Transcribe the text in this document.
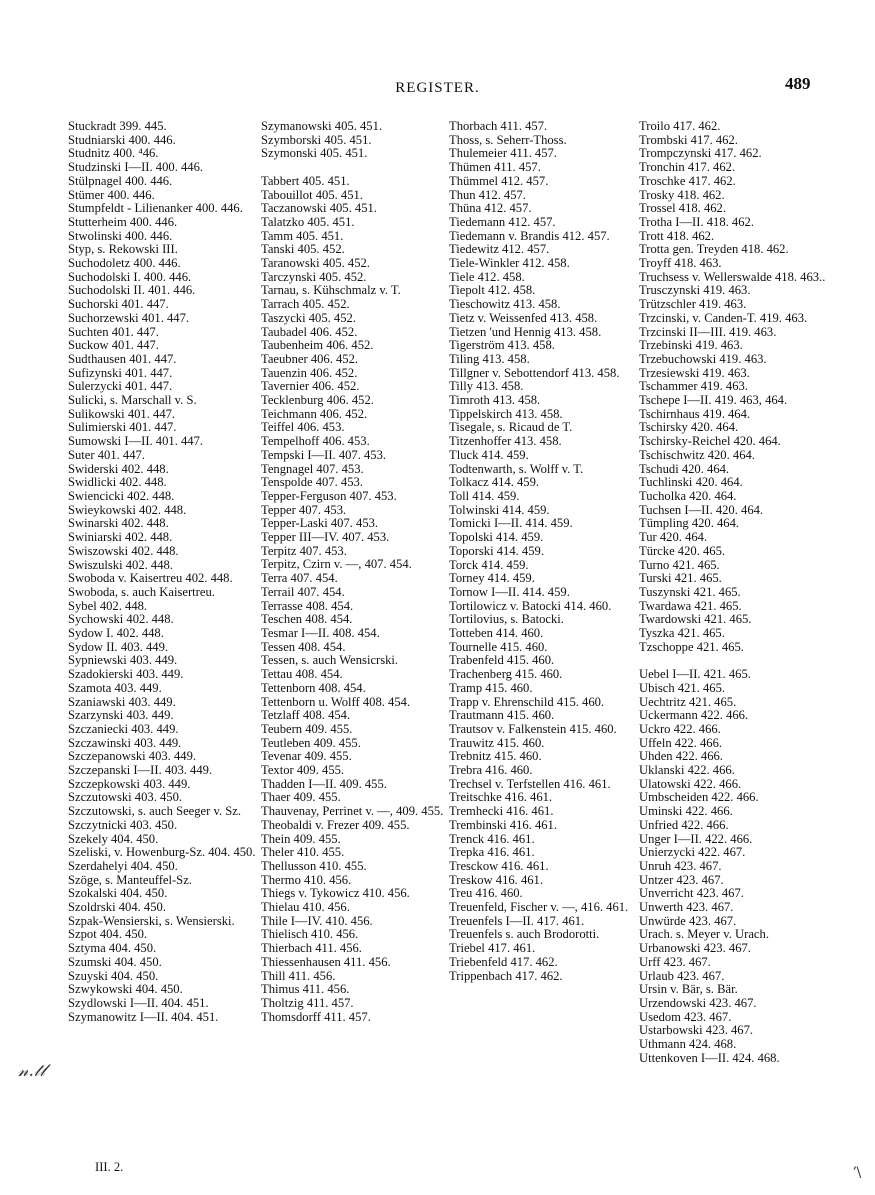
REGISTER.	489
Stuckradt 399. 445.
Studniarski 400. 446.
Studnitz 400. ⁴46.
Studzinski I—II. 400. 446.
Stülpnagel 400. 446.
Stümer 400. 446.
Stumpfeldt - Lilienanker 400. 446.
Stutterheim 400. 446.
Stwolinski 400. 446.
Styp, s. Rekowski III.
Suchodoletz 400. 446.
Suchodolski I. 400. 446.
Suchodolski II. 401. 446.
Suchorski 401. 447.
Suchorzewski 401. 447.
Suchten 401. 447.
Suckow 401. 447.
Sudthausen 401. 447.
Sufizynski 401. 447.
Sulerzycki 401. 447.
Sulicki, s. Marschall v. S.
Sulikowski 401. 447.
Sulimierski 401. 447.
Sumowski I—II. 401. 447.
Suter 401. 447.
Swiderski 402. 448.
Swidlicki 402. 448.
Swiencicki 402. 448.
Swieykowski 402. 448.
Swinarski 402. 448.
Swiniarski 402. 448.
Swiszowski 402. 448.
Swiszulski 402. 448.
Swoboda v. Kaisertreu 402. 448.
Swoboda, s. auch Kaisertreu.
Sybel 402. 448.
Sychowski 402. 448.
Sydow I. 402. 448.
Sydow II. 403. 449.
Sypniewski 403. 449.
Szadokierski 403. 449.
Szamota 403. 449.
Szaniawski 403. 449.
Szarzynski 403. 449.
Szczaniecki 403. 449.
Szczawinski 403. 449.
Szczepanowski 403. 449.
Szczepanski I—II. 403. 449.
Szczepkowski 403. 449.
Szczutowski 403. 450.
Szczutowski, s. auch Seeger v. Sz.
Szczytnicki 403. 450.
Szekely 404. 450.
Szeliski, v. Howenburg-Sz. 404. 450.
Szerdahelyi 404. 450.
Szöge, s. Manteuffel-Sz.
Szokalski 404. 450.
Szoldrski 404. 450.
Szpak-Wensierski, s. Wensierski.
Szpot 404. 450.
Sztyma 404. 450.
Szumski 404. 450.
Szuyski 404. 450.
Szwykowski 404. 450.
Szydlowski I—II. 404. 451.
Szymanowitz I—II. 404. 451.
Szymanowski 405. 451.
Szymborski 405. 451.
Szymonski 405. 451.
Tabbert 405. 451.
Tabouillot 405. 451.
Taczanowski 405. 451.
Talatzko 405. 451.
Tamm 405. 451.
Tanski 405. 452.
Taranowski 405. 452.
Tarczynski 405. 452.
Tarnau, s. Kühschmalz v. T.
Tarrach 405. 452.
Taszycki 405. 452.
Taubadel 406. 452.
Taubenheim 406. 452.
Taeubner 406. 452.
Tauenzin 406. 452.
Tavernier 406. 452.
Tecklenburg 406. 452.
Teichmann 406. 452.
Teiffel 406. 453.
Tempelhoff 406. 453.
Tempski I—II. 407. 453.
Tengnagel 407. 453.
Tenspolde 407. 453.
Tepper-Ferguson 407. 453.
Tepper 407. 453.
Tepper-Laski 407. 453.
Tepper III—IV. 407. 453.
Terpitz 407. 453.
Terpitz, Czirn v. —, 407. 454.
Terra 407. 454.
Terrail 407. 454.
Terrasse 408. 454.
Teschen 408. 454.
Tesmar I—II. 408. 454.
Tessen 408. 454.
Tessen, s. auch Wensicrski.
Tettau 408. 454.
Tettenborn 408. 454.
Tettenborn u. Wolff 408. 454.
Tetzlaff 408. 454.
Teubern 409. 455.
Teutleben 409. 455.
Tevenar 409. 455.
Textor 409. 455.
Thadden I—II. 409. 455.
Thaer 409. 455.
Thauvenay, Perrinet v. —, 409. 455.
Theobaldi v. Frezer 409. 455.
Thein 409. 455.
Theler 410. 455.
Thellusson 410. 455.
Thermo 410. 456.
Thiegs v. Tykowicz 410. 456.
Thielau 410. 456.
Thile I—IV. 410. 456.
Thielisch 410. 456.
Thierbach 411. 456.
Thiessenhausen 411. 456.
Thill 411. 456.
Thimus 411. 456.
Tholtzig 411. 457.
Thomsdorff 411. 457.
Thorbach 411. 457.
Thoss, s. Seherr-Thoss.
Thulemeier 411. 457.
Thümen 411. 457.
Thümmel 412. 457.
Thun 412. 457.
Thüna 412. 457.
Tiedemann 412. 457.
Tiedemann v. Brandis 412. 457.
Tiedewitz 412. 457.
Tiele-Winkler 412. 458.
Tiele 412. 458.
Tiepolt 412. 458.
Tieschowitz 413. 458.
Tietz v. Weissenfed 413. 458.
Tietzen 'und Hennig 413. 458.
Tigerström 413. 458.
Tiling 413. 458.
Tillgner v. Sebottendorf 413. 458.
Tilly 413. 458.
Timroth 413. 458.
Tippelskirch 413. 458.
Tisegale, s. Ricaud de T.
Titzenhoffer 413. 458.
Tluck 414. 459.
Todtenwarth, s. Wolff v. T.
Tolkacz 414. 459.
Toll 414. 459.
Tolwinski 414. 459.
Tomicki I—II. 414. 459.
Topolski 414. 459.
Toporski 414. 459.
Torck 414. 459.
Torney 414. 459.
Tornow I—II. 414. 459.
Tortilowicz v. Batocki 414. 460.
Tortilovius, s. Batocki.
Totteben 414. 460.
Tournelle 415. 460.
Trabenfeld 415. 460.
Trachenberg 415. 460.
Tramp 415. 460.
Trapp v. Ehrenschild 415. 460.
Trautmann 415. 460.
Trautsov v. Falkenstein 415. 460.
Trauwitz 415. 460.
Trebnitz 415. 460.
Trebra 416. 460.
Trechsel v. Terfstellen 416. 461.
Treitschke 416. 461.
Tremhecki 416. 461.
Trembinski 416. 461.
Trenck 416. 461.
Trepka 416. 461.
Tresckow 416. 461.
Treskow 416. 461.
Treu 416. 460.
Treuenfeld, Fischer v. —, 416. 461.
Treuenfels I—II. 417. 461.
Treuenfels s. auch Brodorotti.
Triebel 417. 461.
Triebenfeld 417. 462.
Trippenbach 417. 462.
Troilo 417. 462.
Trombski 417. 462.
Trompczynski 417. 462.
Tronchin 417. 462.
Troschke 417. 462.
Trosky 418. 462.
Trossel 418. 462.
Trotha I—II. 418. 462.
Trott 418. 462.
Trotta gen. Treyden 418. 462.
Troyff 418. 463.
Truchsess v. Wellerswalde 418. 463..
Trusczynski 419. 463.
Trützschler 419. 463.
Trzcinski, v. Canden-T. 419. 463.
Trzcinski II—III. 419. 463.
Trzebinski 419. 463.
Trzebuchowski 419. 463.
Trzesiewski 419. 463.
Tschammer 419. 463.
Tschepe I—II. 419. 463, 464.
Tschirnhaus 419. 464.
Tschirsky 420. 464.
Tschirsky-Reichel 420. 464.
Tschischwitz 420. 464.
Tschudi 420. 464.
Tuchlinski 420. 464.
Tucholka 420. 464.
Tuchsen I—II. 420. 464.
Tümpling 420. 464.
Tur 420. 464.
Türcke 420. 465.
Turno 421. 465.
Turski 421. 465.
Tuszynski 421. 465.
Twardawa 421. 465.
Twardowski 421. 465.
Tyszka 421. 465.
Tzschoppe 421. 465.
Uebel I—II. 421. 465.
Ubisch 421. 465.
Uechtritz 421. 465.
Uckermann 422. 466.
Uckro 422. 466.
Uffeln 422. 466.
Uhden 422. 466.
Uklanski 422. 466.
Ulatowski 422. 466.
Umbscheiden 422. 466.
Uminski 422. 466.
Unfried 422. 466.
Unger I—II. 422. 466.
Unierzycki 422. 467.
Unruh 423. 467.
Untzer 423. 467.
Unverricht 423. 467.
Unwerth 423. 467.
Unwürde 423. 467.
Urach. s. Meyer v. Urach.
Urbanowski 423. 467.
Urff 423. 467.
Urlaub 423. 467.
Ursin v. Bär, s. Bär.
Urzendowski 423. 467.
Usedom 423. 467.
Ustarbowski 423. 467.
Uthmann 424. 468.
Uttenkoven I—II. 424. 468.
III. 2.
𝓃.𝓉𝓁
ʼ\
